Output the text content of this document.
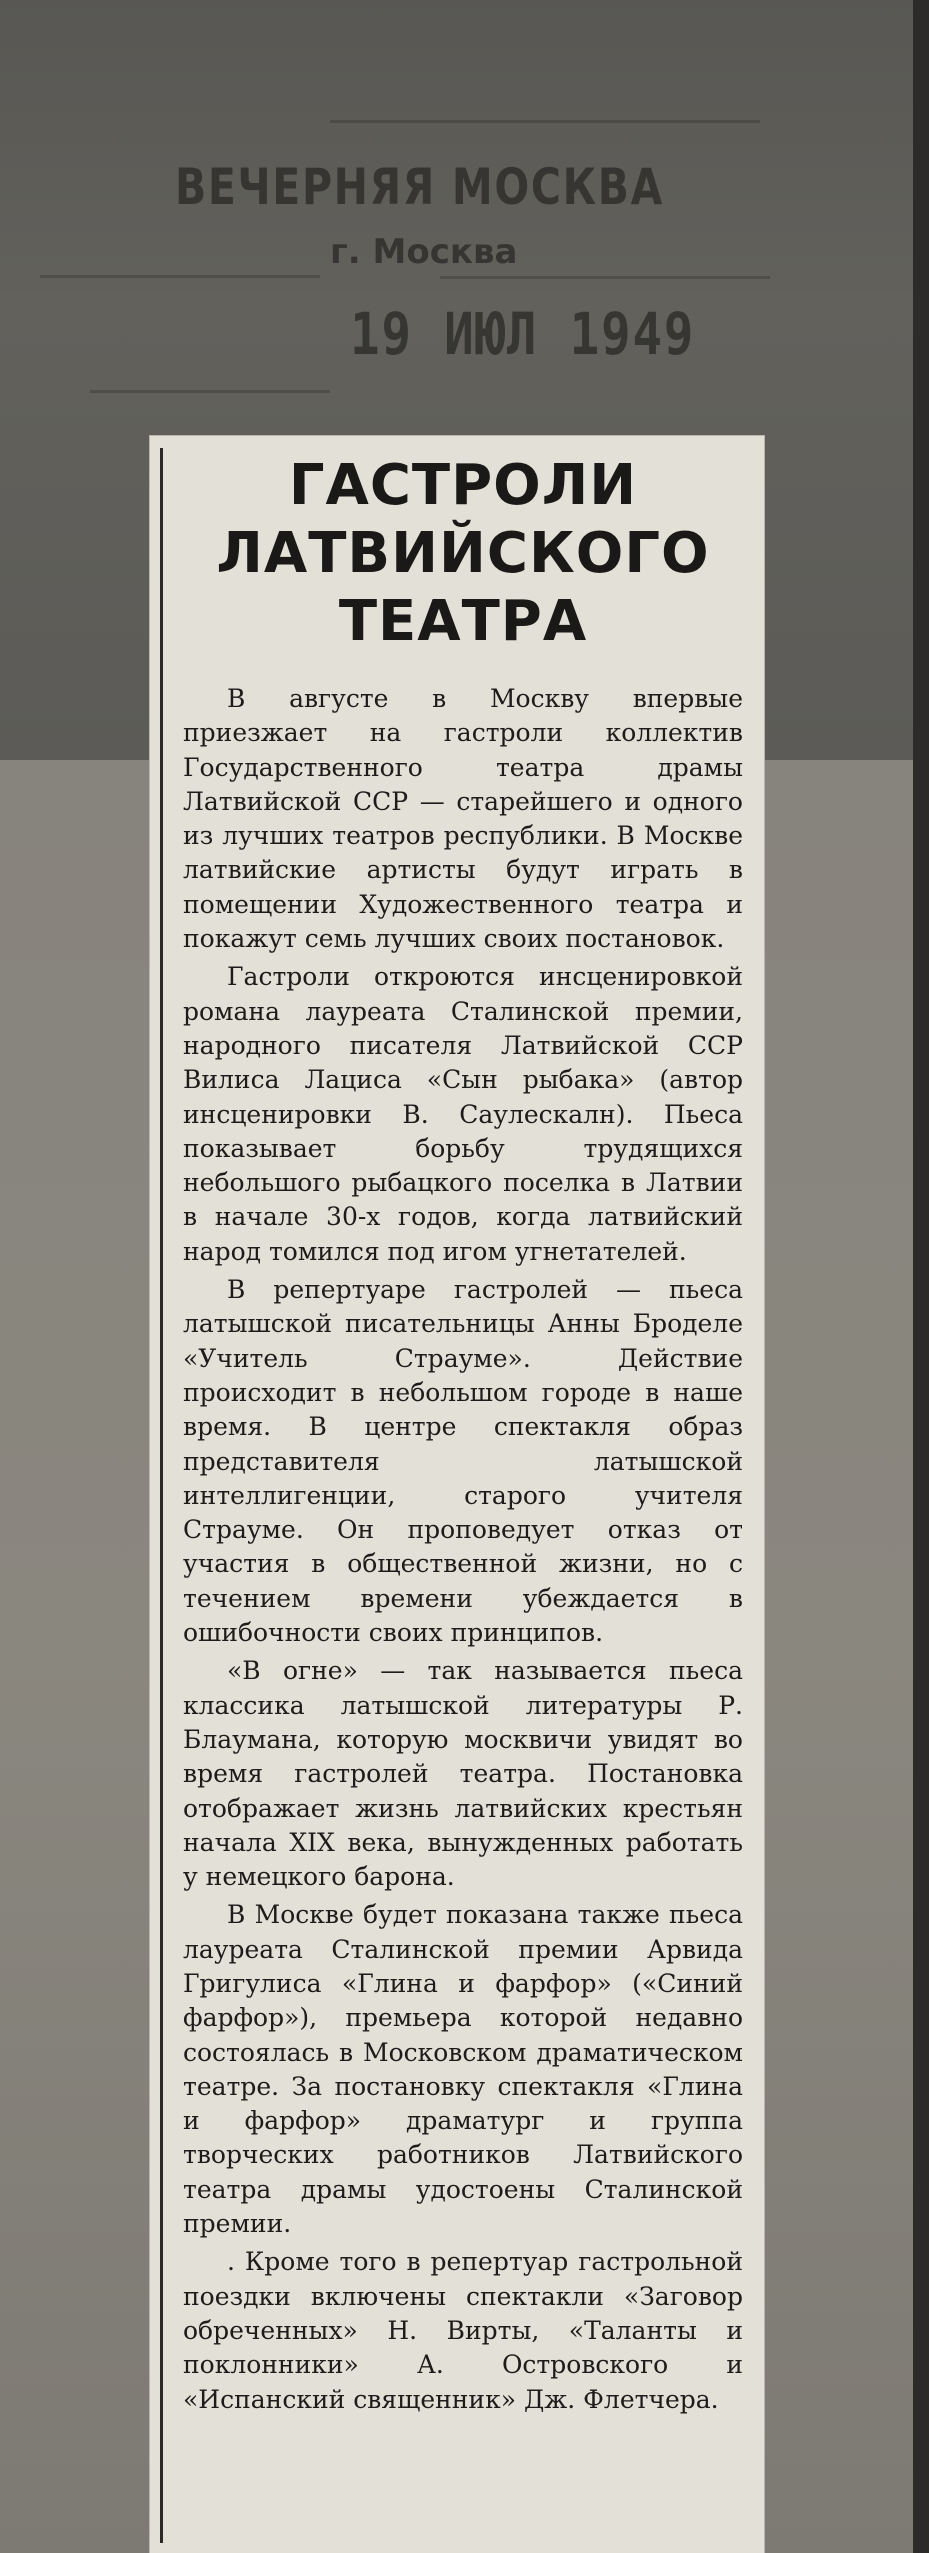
ВЕЧЕРНЯЯ МОСКВА
г. Москва
19 ИЮЛ 1949
ГАСТРОЛИ
ЛАТВИЙСКОГО
ТЕАТРА

В августе в Москву впервые приезжает на гастроли коллектив Государственного театра драмы Латвийской ССР — старейшего и одного из лучших театров республики. В Москве латвийские артисты будут играть в помещении Художественного театра и покажут семь лучших своих постановок.

Гастроли откроются инсценировкой романа лауреата Сталинской премии, народного писателя Латвийской ССР Вилиса Лациса «Сын рыбака» (автор инсценировки В. Саулескалн). Пьеса показывает борьбу трудящихся небольшого рыбацкого поселка в Латвии в начале 30-х годов, когда латвийский народ томился под игом угнетателей.

В репертуаре гастролей — пьеса латышской писательницы Анны Броделе «Учитель Страуме». Действие происходит в небольшом городе в наше время. В центре спектакля образ представителя латышской интеллигенции, старого учителя Страуме. Он проповедует отказ от участия в общественной жизни, но с течением времени убеждается в ошибочности своих принципов.

«В огне» — так называется пьеса классика латышской литературы Р. Блаумана, которую москвичи увидят во время гастролей театра. Постановка отображает жизнь латвийских крестьян начала XIX века, вынужденных работать у немецкого барона.

В Москве будет показана также пьеса лауреата Сталинской премии Арвида Григулиса «Глина и фарфор» («Синий фарфор»), премьера которой недавно состоялась в Московском драматическом театре. За постановку спектакля «Глина и фарфор» драматург и группа творческих работников Латвийского театра драмы удостоены Сталинской премии.

. Кроме того в репертуар гастрольной поездки включены спектакли «Заговор обреченных» Н. Вирты, «Таланты и поклонники» А. Островского и «Испанский священник» Дж. Флетчера.
